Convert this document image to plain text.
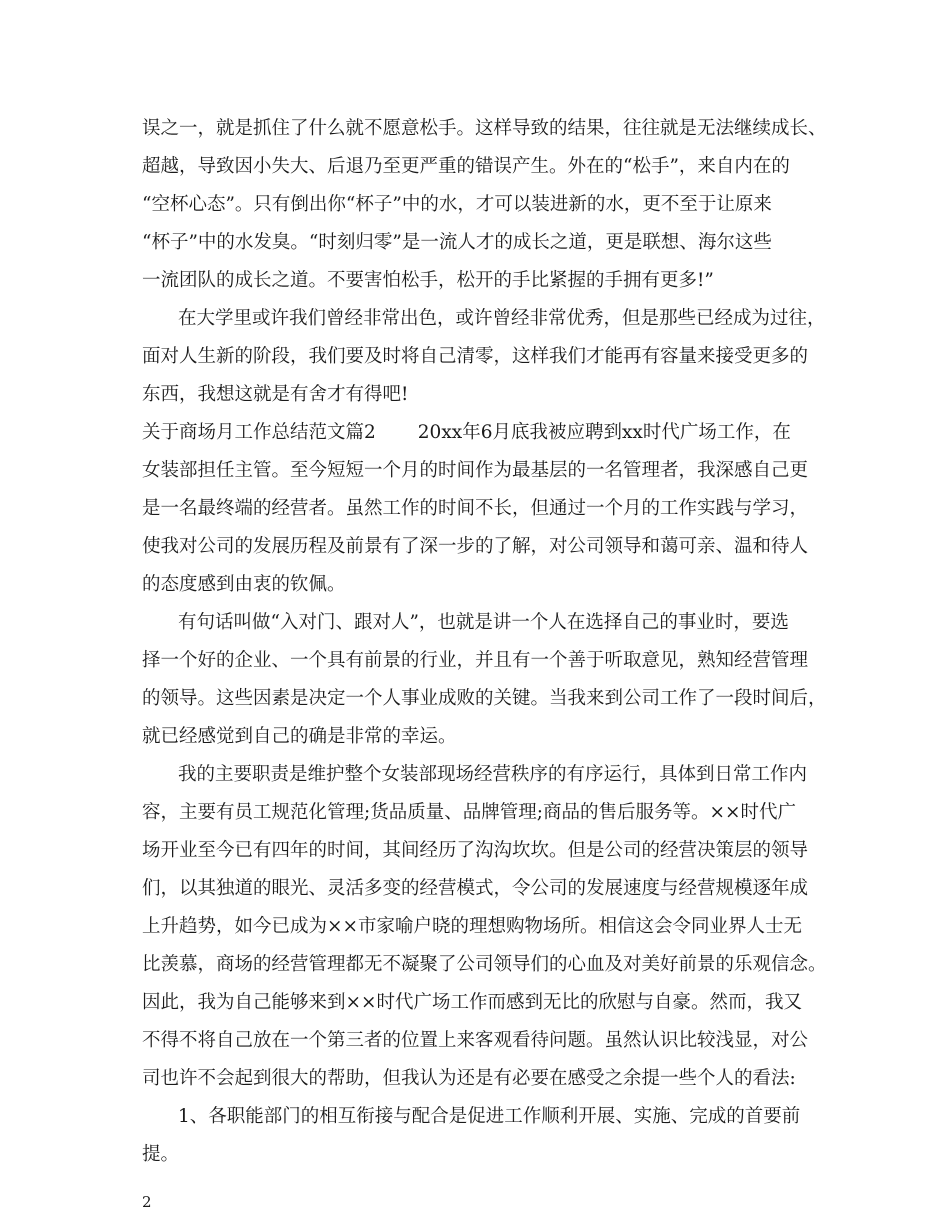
误之一，就是抓住了什么就不愿意松手。这样导致的结果，往往就是无法继续成长、
超越，导致因小失大、后退乃至更严重的错误产生。外在的“松手”，来自内在的
“空杯心态”。只有倒出你“杯子”中的水，才可以装进新的水，更不至于让原来
“杯子”中的水发臭。“时刻归零”是一流人才的成长之道，更是联想、海尔这些
一流团队的成长之道。不要害怕松手，松开的手比紧握的手拥有更多!”
在大学里或许我们曾经非常出色，或许曾经非常优秀，但是那些已经成为过往，
面对人生新的阶段，我们要及时将自己清零，这样我们才能再有容量来接受更多的
东西，我想这就是有舍才有得吧!
关于商场月工作总结范文篇2 20xx年6月底我被应聘到xx时代广场工作，在
女装部担任主管。至今短短一个月的时间作为最基层的一名管理者，我深感自己更
是一名最终端的经营者。虽然工作的时间不长，但通过一个月的工作实践与学习，
使我对公司的发展历程及前景有了深一步的了解，对公司领导和蔼可亲、温和待人
的态度感到由衷的钦佩。
有句话叫做“入对门、跟对人”，也就是讲一个人在选择自己的事业时，要选
择一个好的企业、一个具有前景的行业，并且有一个善于听取意见，熟知经营管理
的领导。这些因素是决定一个人事业成败的关键。当我来到公司工作了一段时间后，
就已经感觉到自己的确是非常的幸运。
我的主要职责是维护整个女装部现场经营秩序的有序运行，具体到日常工作内
容，主要有员工规范化管理;货品质量、品牌管理;商品的售后服务等。××时代广
场开业至今已有四年的时间，其间经历了沟沟坎坎。但是公司的经营决策层的领导
们，以其独道的眼光、灵活多变的经营模式，令公司的发展速度与经营规模逐年成
上升趋势，如今已成为××市家喻户晓的理想购物场所。相信这会令同业界人士无
比羡慕，商场的经营管理都无不凝聚了公司领导们的心血及对美好前景的乐观信念。
因此，我为自己能够来到××时代广场工作而感到无比的欣慰与自豪。然而，我又
不得不将自己放在一个第三者的位置上来客观看待问题。虽然认识比较浅显，对公
司也许不会起到很大的帮助，但我认为还是有必要在感受之余提一些个人的看法:
1、各职能部门的相互衔接与配合是促进工作顺利开展、实施、完成的首要前
提。
2
